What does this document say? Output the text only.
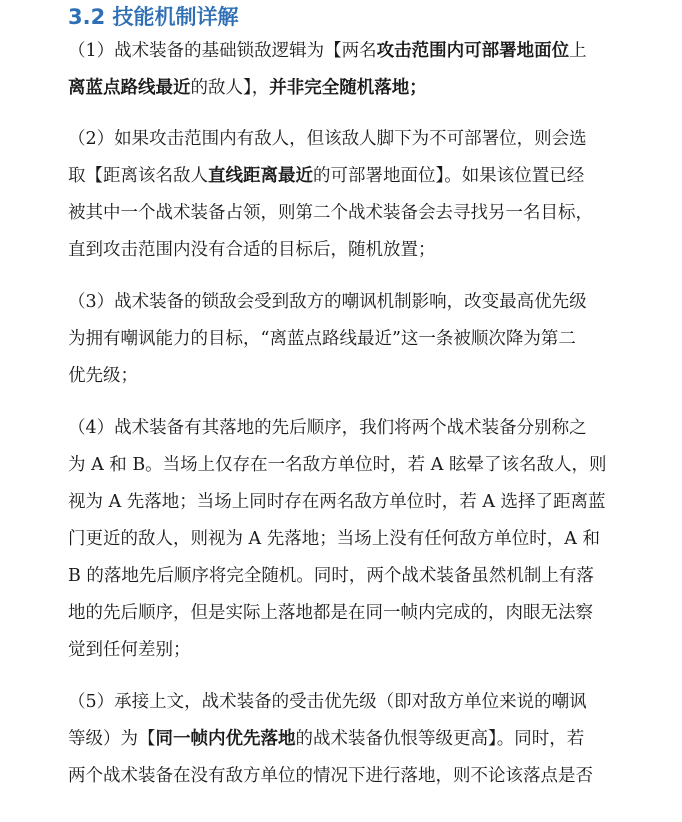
3.2 技能机制详解
（1）战术装备的基础锁敌逻辑为【两名攻击范围内可部署地面位上
离蓝点路线最近的敌人】，并非完全随机落地；
（2）如果攻击范围内有敌人，但该敌人脚下为不可部署位，则会选
取【距离该名敌人直线距离最近的可部署地面位】。如果该位置已经
被其中一个战术装备占领，则第二个战术装备会去寻找另一名目标，
直到攻击范围内没有合适的目标后，随机放置；
（3）战术装备的锁敌会受到敌方的嘲讽机制影响，改变最高优先级
为拥有嘲讽能力的目标，“离蓝点路线最近”这一条被顺次降为第二
优先级；
（4）战术装备有其落地的先后顺序，我们将两个战术装备分别称之
为 A 和 B。当场上仅存在一名敌方单位时，若 A 眩晕了该名敌人，则
视为 A 先落地；当场上同时存在两名敌方单位时，若 A 选择了距离蓝
门更近的敌人，则视为 A 先落地；当场上没有任何敌方单位时，A 和
B 的落地先后顺序将完全随机。同时，两个战术装备虽然机制上有落
地的先后顺序，但是实际上落地都是在同一帧内完成的，肉眼无法察
觉到任何差别；
（5）承接上文，战术装备的受击优先级（即对敌方单位来说的嘲讽
等级）为【同一帧内优先落地的战术装备仇恨等级更高】。同时，若
两个战术装备在没有敌方单位的情况下进行落地，则不论该落点是否
